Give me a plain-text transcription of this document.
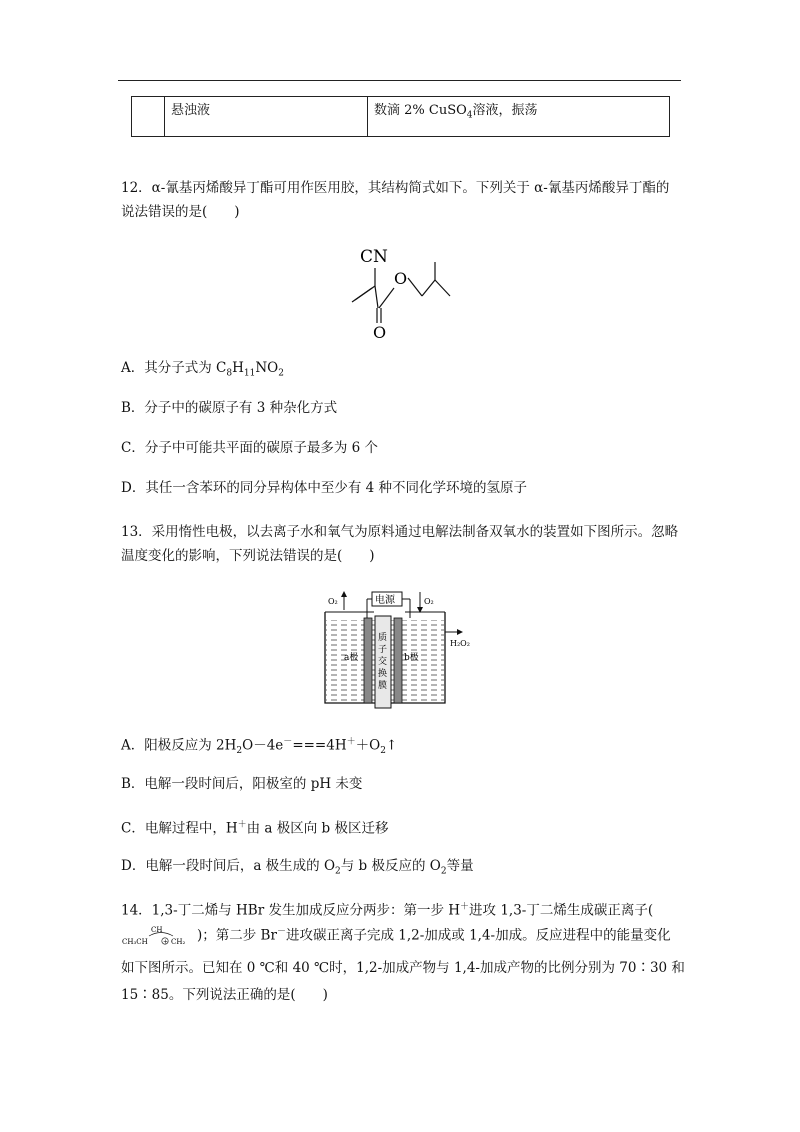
	悬浊液	数滴 2% CuSO$_4$溶液，振荡
12．α-氰基丙烯酸异丁酯可用作医用胶，其结构简式如下。下列关于 α-氰基丙烯酸异丁酯的说法错误的是(　　)
CN
O
O
A．其分子式为 $C_8H_{11}NO_2$
B．分子中的碳原子有 3 种杂化方式
C．分子中可能共平面的碳原子最多为 6 个
D．其任一含苯环的同分异构体中至少有 4 种不同化学环境的氢原子
13．采用惰性电极，以去离子水和氧气为原料通过电解法制备双氧水的装置如下图所示。忽略温度变化的影响，下列说法错误的是(　　)
电源
O₂	O₂
质
子
交
换
膜
a极	b极
H₂O₂
A．阳极反应为 $2H_2O-4e^-===4H^++O_2↑$
B．电解一段时间后，阳极室的 pH 未变
C．电解过程中，H＋由 a 极区向 b 极区迁移
D．电解一段时间后，a 极生成的 $O_2$与 b 极反应的 $O_2$等量
14．1,3-丁二烯与 HBr 发生加成反应分两步：第一步 H＋进攻 1,3-丁二烯生成碳正离子(
CH
CH₃CH	+ CH₂ )；第二步 Br－进攻碳正离子完成 1,2-加成或 1,4-加成。反应进程中的能量变化
如下图所示。已知在 0 ℃和 40 ℃时，1,2-加成产物与 1,4-加成产物的比例分别为 70∶30 和
15∶85。下列说法正确的是(　　)
